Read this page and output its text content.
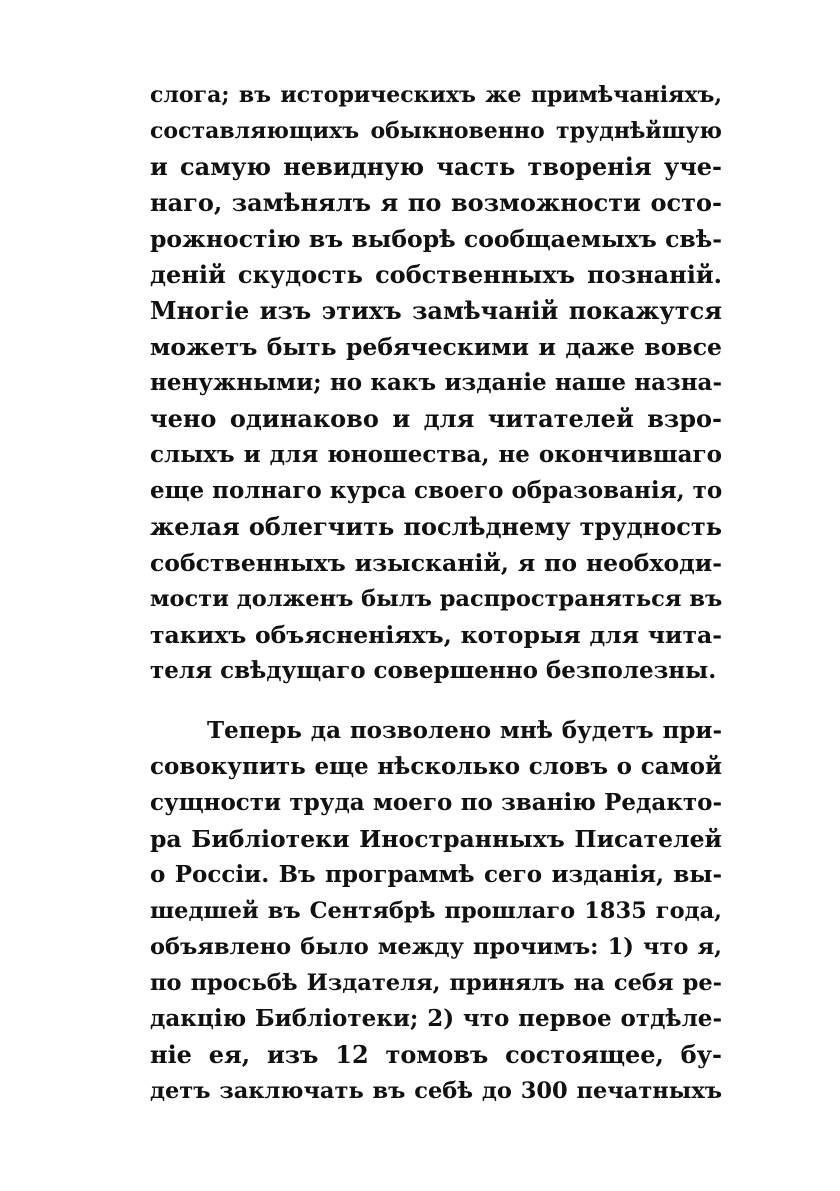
слога; въ историческихъ же примѣчаніяхъ,
составляющихъ обыкновенно труднѣйшую
и самую невидную часть творенія уче-
наго, замѣнялъ я по возможности осто-
рожностію въ выборѣ сообщаемыхъ свѣ-
деній скудость собственныхъ познаній.
Многіе изъ этихъ замѣчаній покажутся
можетъ быть ребяческими и даже вовсе
ненужными; но какъ изданіе наше назна-
чено одинаково и для читателей взро-
слыхъ и для юношества, не окончившаго
еще полнаго курса своего образованія, то
желая облегчить послѣднему трудность
собственныхъ изысканій, я по необходи-
мости долженъ былъ распространяться въ
такихъ объясненіяхъ, которыя для чита-
теля свѣдущаго совершенно безполезны.
Теперь да позволено мнѣ будетъ при-
совокупить еще нѣсколько словъ о самой
сущности труда моего по званію Редакто-
ра Библіотеки Иностранныхъ Писателей
о Россіи. Въ программѣ сего изданія, вы-
шедшей въ Сентябрѣ прошлаго 1835 года,
объявлено было между прочимъ: 1) что я,
по просьбѣ Издателя, принялъ на себя ре-
дакцію Библіотеки; 2) что первое отдѣле-
ніе ея, изъ 12 томовъ состоящее, бу-
детъ заключать въ себѣ до 300 печатныхъ
